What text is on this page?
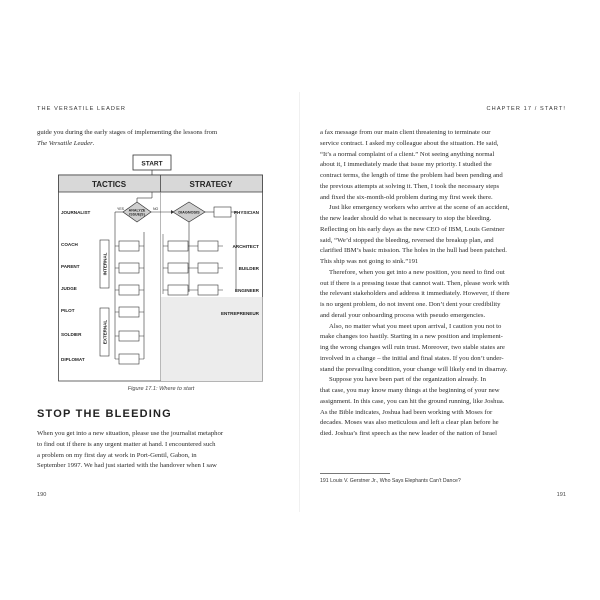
THE VERSATILE LEADER

guide you during the early stages of implementing the lessons from

The Versatile Leader.

START
TACTICS	STRATEGY
ANALYZE
ISSUE(S)
YES	NO
DIAGNOSIS
INTERNAL
EXTERNAL
JOURNALIST
COACH
PARENT
JUDGE
PILOT
SOLDIER
DIPLOMAT
PHYSICIAN
ARCHITECT
BUILDER
ENGINEER
ENTREPRENEUR
Figure 17.1: Where to start
STOP THE BLEEDING

When you get into a new situation, please use the journalist metaphor

to find out if there is any urgent matter at hand. I encountered such

a problem on my first day at work in Port-Gentil, Gabon, in

September 1997. We had just started with the handover when I saw

190
CHAPTER 17 / START!

a fax message from our main client threatening to terminate our

service contract. I asked my colleague about the situation. He said,

“It’s a normal complaint of a client.” Not seeing anything normal

about it, I immediately made that issue my priority. I studied the

contract terms, the length of time the problem had been pending and

the previous attempts at solving it. Then, I took the necessary steps

and fixed the six-month-old problem during my first week there.

Just like emergency workers who arrive at the scene of an accident,

the new leader should do what is necessary to stop the bleeding.

Reflecting on his early days as the new CEO of IBM, Louis Gerstner

said, “We’d stopped the bleeding, reversed the breakup plan, and

clarified IBM’s basic mission. The holes in the hull had been patched.

This ship was not going to sink.”191

Therefore, when you get into a new position, you need to find out

out if there is a pressing issue that cannot wait. Then, please work with

the relevant stakeholders and address it immediately. However, if there

is no urgent problem, do not invent one. Don’t dent your credibility

and derail your onboarding process with pseudo emergencies.

Also, no matter what you meet upon arrival, I caution you not to

make changes too hastily. Starting in a new position and implement-

ing the wrong changes will ruin trust. Moreover, two stable states are

involved in a change – the initial and final states. If you don’t under-

stand the prevailing condition, your change will likely end in disarray.

Suppose you have been part of the organization already. In

that case, you may know many things at the beginning of your new

assignment. In this case, you can hit the ground running, like Joshua.

As the Bible indicates, Joshua had been working with Moses for

decades. Moses was also meticulous and left a clear plan before he

died. Joshua’s first speech as the new leader of the nation of Israel

191 Louis V. Gerstner Jr., Who Says Elephants Can’t Dance?
191
